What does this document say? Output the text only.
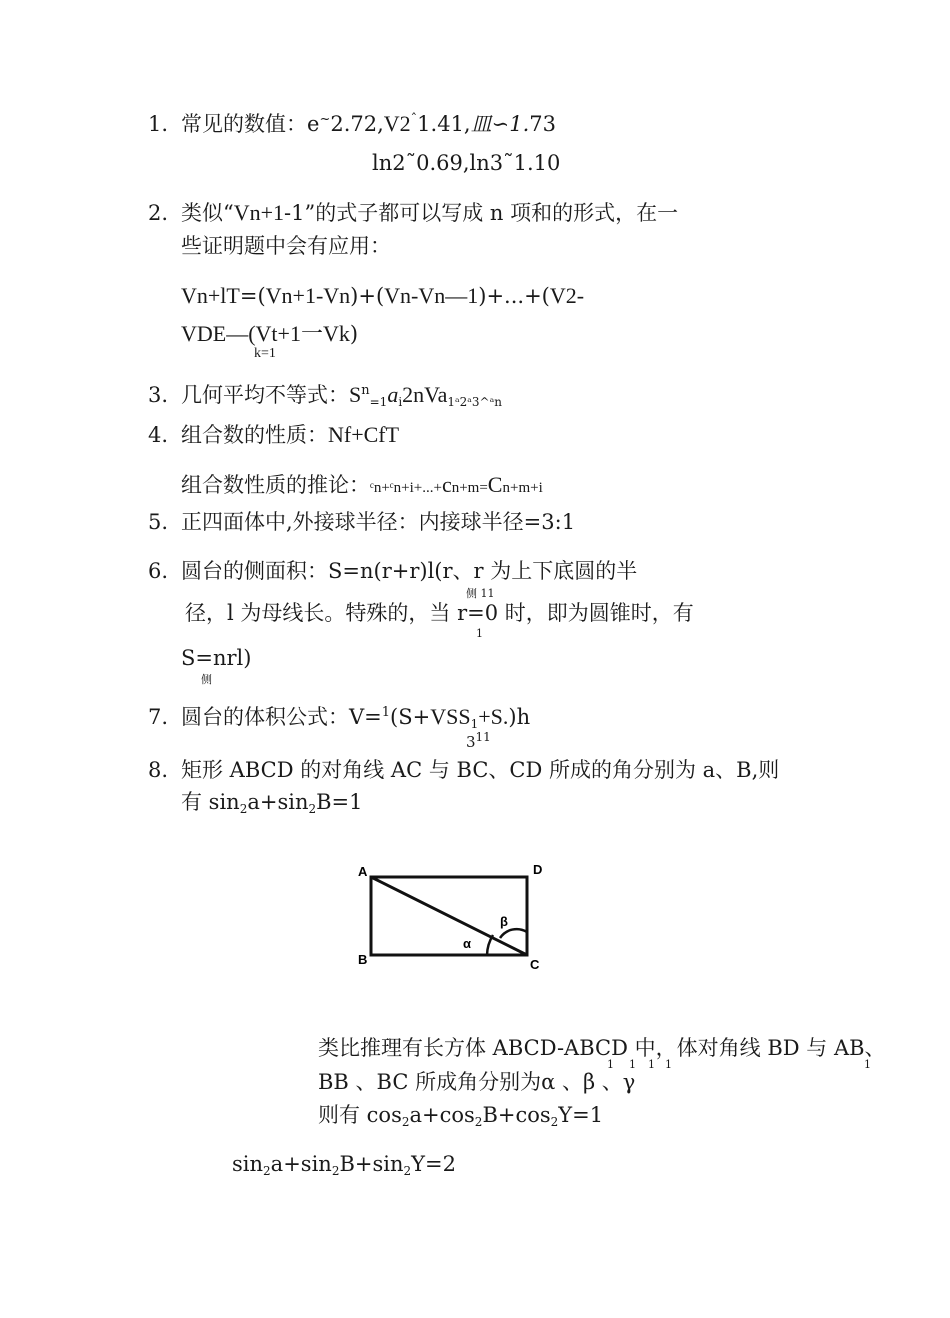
1. 常见的数值：$e^\sim 2.72,V2^ˆ1.41$,皿∽1.73
ln2˜0.69,ln3˜1.10
2. 类似“Vn+1-1”的式子都可以写成 n 项和的形式，在一
些证明题中会有应用：
Vn+lT=(Vn+1-Vn)+(Vn-Vn—1)+...+(V2-
VDE—(Vt+1一Vk)
k=1
3. 几何平均不等式：$S^n_{=1}a_i2nVa_{1ᵃ2ᵃ3\^{}ᵃn}$
4. 组合数的性质：Nf+CfT
组合数性质的推论：ᶜn+ᶜn+i+...+cn+m=Cn+m+i
5. 正四面体中,外接球半径：内接球半径=3:1
6. 圆台的侧面积：S=n(r+r)l(r、r 为上下底圆的半
侧 11
径，l 为母线长。特殊的，当 r=0 时，即为圆锥时，有
1
S=nrl)
侧
7. 圆台的体积公式：$V=^1(S+VSS_1+S.)h$
311
8. 矩形 ABCD 的对角线 AC 与 BC、CD 所成的角分别为 a、B,则
有 $\sin_2a+\sin_2B=1$
A	D
B	C
α
β
类比推理有长方体 ABCD-ABCD 中，体对角线 BD 与 AB、
1 1 1 1	1
BB 、BC 所成角分别为α 、β 、γ
则有 $\cos_2a+\cos_2B+\cos_2Y=1$
$\sin_2a+\sin_2B+\sin_2Y=2$
